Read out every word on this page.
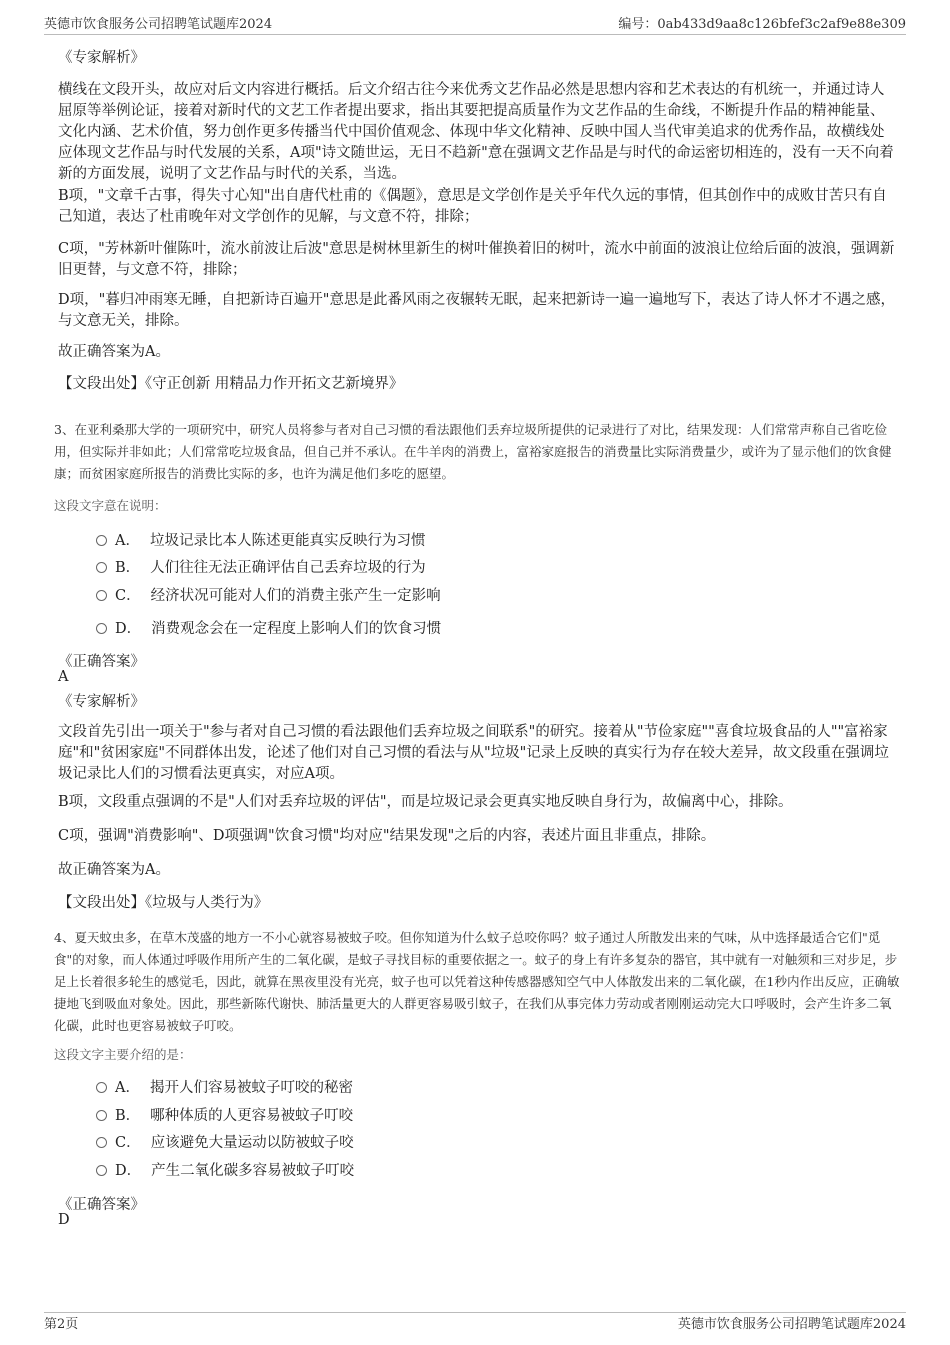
英德市饮食服务公司招聘笔试题库2024	编号：0ab433d9aa8c126bfef3c2af9e88e309
《专家解析》
横线在文段开头，故应对后文内容进行概括。后文介绍古往今来优秀文艺作品必然是思想内容和艺术表达的有机统一，并通过诗人屈原等举例论证，接着对新时代的文艺工作者提出要求，指出其要把提高质量作为文艺作品的生命线，不断提升作品的精神能量、文化内涵、艺术价值，努力创作更多传播当代中国价值观念、体现中华文化精神、反映中国人当代审美追求的优秀作品，故横线处应体现文艺作品与时代发展的关系，A项"诗文随世运，无日不趋新"意在强调文艺作品是与时代的命运密切相连的，没有一天不向着新的方面发展，说明了文艺作品与时代的关系，当选。
B项，"文章千古事，得失寸心知"出自唐代杜甫的《偶题》，意思是文学创作是关乎年代久远的事情，但其创作中的成败甘苦只有自己知道，表达了杜甫晚年对文学创作的见解，与文意不符，排除；
C项，"芳林新叶催陈叶，流水前波让后波"意思是树林里新生的树叶催换着旧的树叶，流水中前面的波浪让位给后面的波浪，强调新旧更替，与文意不符，排除；
D项，"暮归冲雨寒无睡，自把新诗百遍开"意思是此番风雨之夜辗转无眠，起来把新诗一遍一遍地写下，表达了诗人怀才不遇之感，与文意无关，排除。
故正确答案为A。
【文段出处】《守正创新 用精品力作开拓文艺新境界》
3、在亚利桑那大学的一项研究中，研究人员将参与者对自己习惯的看法跟他们丢弃垃圾所提供的记录进行了对比，结果发现：人们常常声称自己省吃俭用，但实际并非如此；人们常常吃垃圾食品，但自己并不承认。在牛羊肉的消费上，富裕家庭报告的消费量比实际消费量少，或许为了显示他们的饮食健康；而贫困家庭所报告的消费比实际的多，也许为满足他们多吃的愿望。
这段文字意在说明：
A． 垃圾记录比本人陈述更能真实反映行为习惯
B． 人们往往无法正确评估自己丢弃垃圾的行为
C． 经济状况可能对人们的消费主张产生一定影响
D． 消费观念会在一定程度上影响人们的饮食习惯
《正确答案》
A
《专家解析》
文段首先引出一项关于"参与者对自己习惯的看法跟他们丢弃垃圾之间联系"的研究。接着从"节俭家庭""喜食垃圾食品的人""富裕家庭"和"贫困家庭"不同群体出发，论述了他们对自己习惯的看法与从"垃圾"记录上反映的真实行为存在较大差异，故文段重在强调垃圾记录比人们的习惯看法更真实，对应A项。
B项，文段重点强调的不是"人们对丢弃垃圾的评估"，而是垃圾记录会更真实地反映自身行为，故偏离中心，排除。
C项，强调"消费影响"、D项强调"饮食习惯"均对应"结果发现"之后的内容，表述片面且非重点，排除。
故正确答案为A。
【文段出处】《垃圾与人类行为》
4、夏天蚊虫多，在草木茂盛的地方一不小心就容易被蚊子咬。但你知道为什么蚊子总咬你吗？蚊子通过人所散发出来的气味，从中选择最适合它们"觅食"的对象，而人体通过呼吸作用所产生的二氧化碳，是蚊子寻找目标的重要依据之一。蚊子的身上有许多复杂的器官，其中就有一对触须和三对步足，步足上长着很多轮生的感觉毛，因此，就算在黑夜里没有光亮，蚊子也可以凭着这种传感器感知空气中人体散发出来的二氧化碳，在1秒内作出反应，正确敏捷地飞到吸血对象处。因此，那些新陈代谢快、肺活量更大的人群更容易吸引蚊子，在我们从事完体力劳动或者刚刚运动完大口呼吸时，会产生许多二氧化碳，此时也更容易被蚊子叮咬。
这段文字主要介绍的是：
A． 揭开人们容易被蚊子叮咬的秘密
B． 哪种体质的人更容易被蚊子叮咬
C． 应该避免大量运动以防被蚊子咬
D． 产生二氧化碳多容易被蚊子叮咬
《正确答案》
D
第2页	英德市饮食服务公司招聘笔试题库2024
